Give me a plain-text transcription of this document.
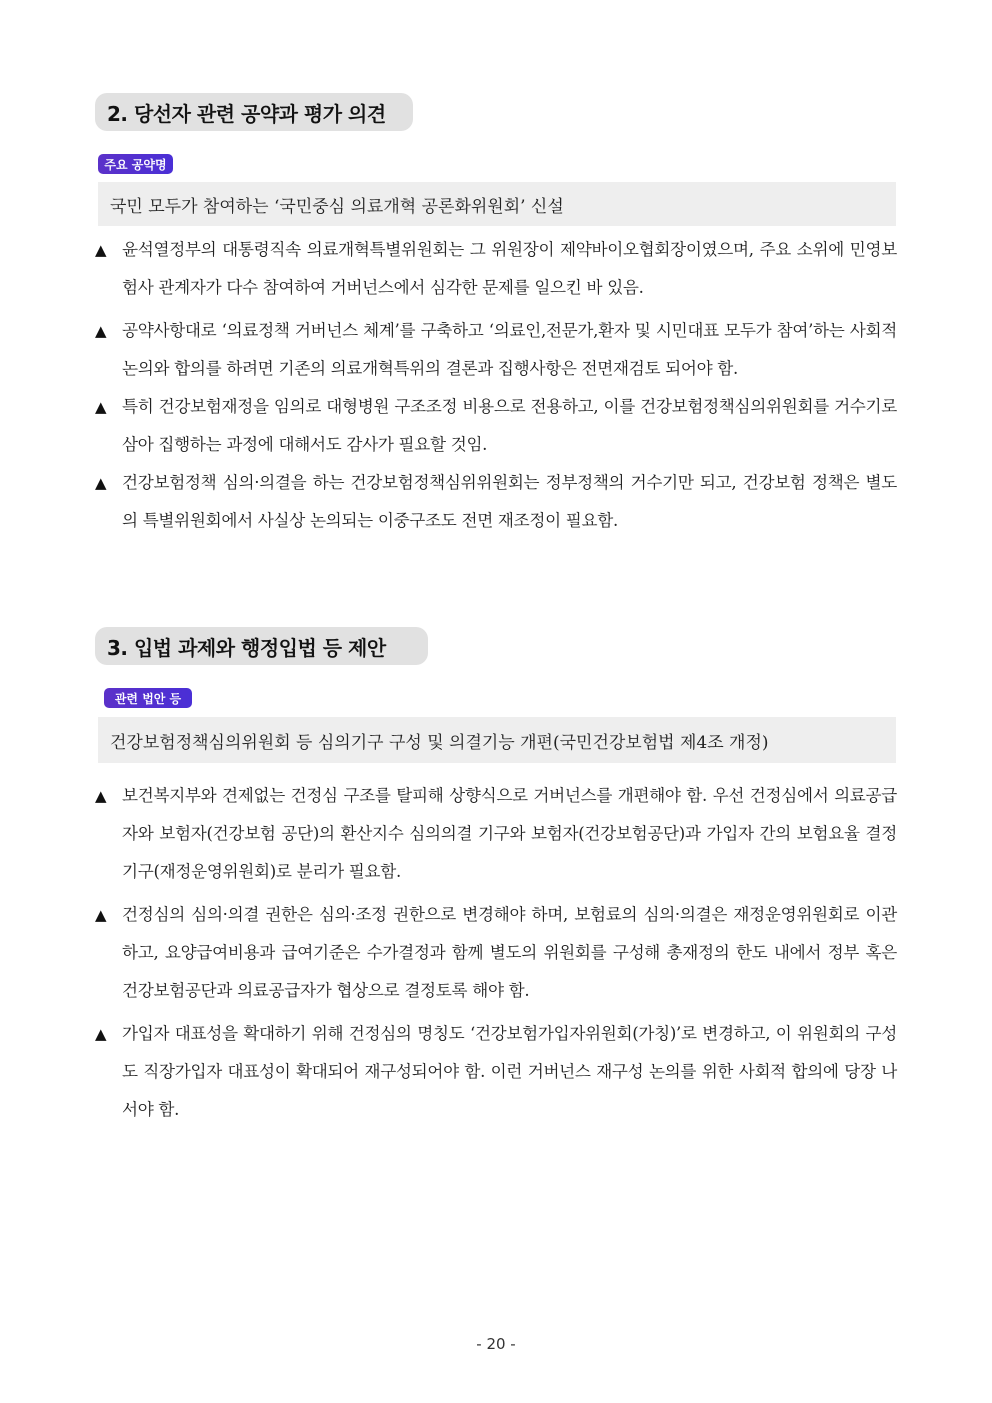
2. 당선자 관련 공약과 평가 의견
주요 공약명
국민 모두가 참여하는 ‘국민중심 의료개혁 공론화위원회’ 신설
▲ 윤석열정부의 대통령직속 의료개혁특별위원회는 그 위원장이 제약바이오협회장이였으며, 주요 소위에 민영보험사 관계자가 다수 참여하여 거버넌스에서 심각한 문제를 일으킨 바 있음.
▲ 공약사항대로 ‘의료정책 거버넌스 체계’를 구축하고 ‘의료인,전문가,환자 및 시민대표 모두가 참여’하는 사회적 논의와 합의를 하려면 기존의 의료개혁특위의 결론과 집행사항은 전면재검토 되어야 함.
▲ 특히 건강보험재정을 임의로 대형병원 구조조정 비용으로 전용하고, 이를 건강보험정책심의위원회를 거수기로 삼아 집행하는 과정에 대해서도 감사가 필요할 것임.
▲ 건강보험정책 심의·의결을 하는 건강보험정책심위위원회는 정부정책의 거수기만 되고, 건강보험 정책은 별도의 특별위원회에서 사실상 논의되는 이중구조도 전면 재조정이 필요함.
3. 입법 과제와 행정입법 등 제안
관련 법안 등
건강보험정책심의위원회 등 심의기구 구성 및 의결기능 개편(국민건강보험법 제4조 개정)
▲ 보건복지부와 견제없는 건정심 구조를 탈피해 상향식으로 거버넌스를 개편해야 함. 우선 건정심에서 의료공급자와 보험자(건강보험 공단)의 환산지수 심의의결 기구와 보험자(건강보험공단)과 가입자 간의 보험요율 결정 기구(재정운영위원회)로 분리가 필요함.
▲ 건정심의 심의·의결 권한은 심의·조정 권한으로 변경해야 하며, 보험료의 심의·의결은 재정운영위원회로 이관하고, 요양급여비용과 급여기준은 수가결정과 함께 별도의 위원회를 구성해 총재정의 한도 내에서 정부 혹은 건강보험공단과 의료공급자가 협상으로 결정토록 해야 함.
▲ 가입자 대표성을 확대하기 위해 건정심의 명칭도 ‘건강보험가입자위원회(가칭)’로 변경하고, 이 위원회의 구성도 직장가입자 대표성이 확대되어 재구성되어야 함. 이런 거버넌스 재구성 논의를 위한 사회적 합의에 당장 나서야 함.
- 20 -
